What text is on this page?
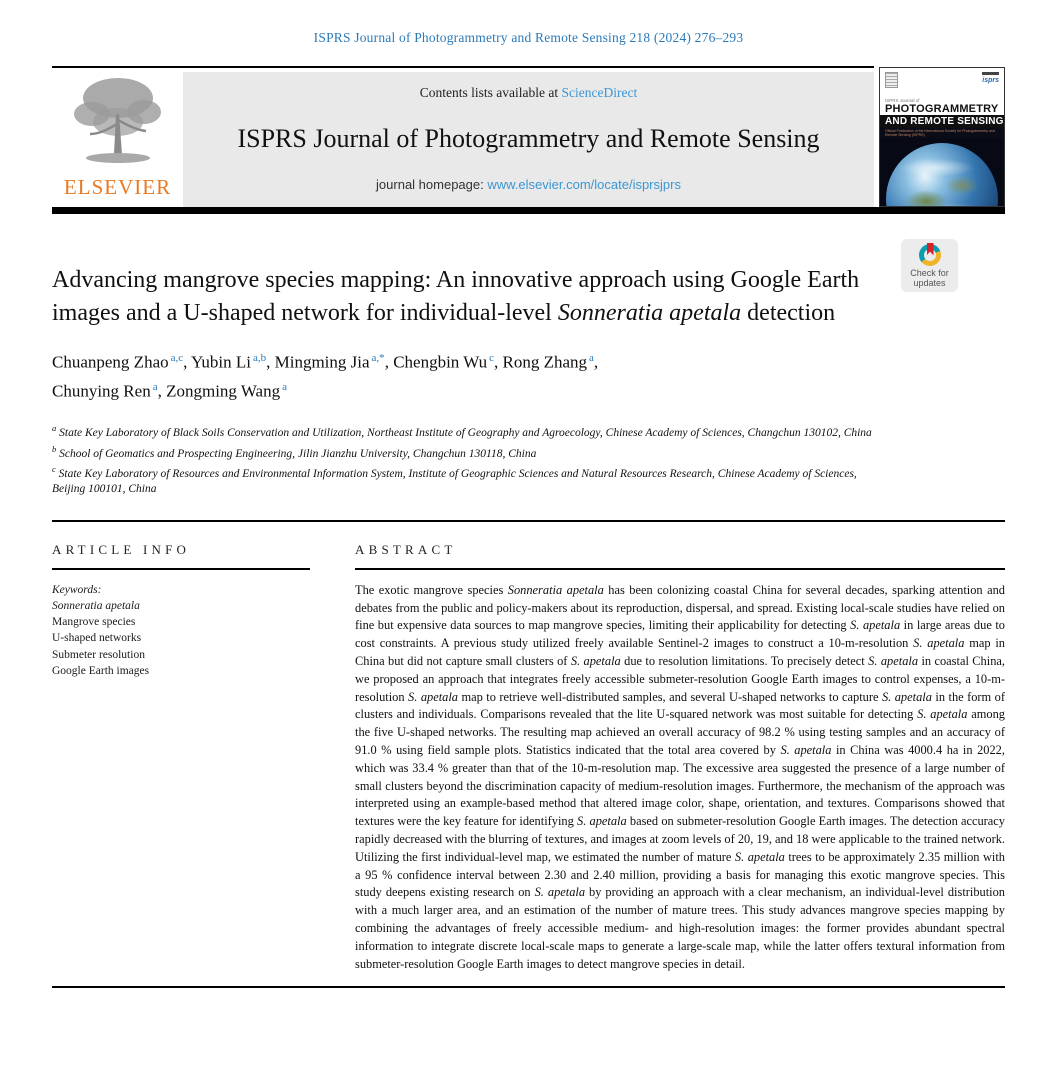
ISPRS Journal of Photogrammetry and Remote Sensing 218 (2024) 276–293
ELSEVIER
Contents lists available at ScienceDirect
ISPRS Journal of Photogrammetry and Remote Sensing
journal homepage: www.elsevier.com/locate/isprsjprs
isprs
ISPRS Journal of
PHOTOGRAMMETRY
AND REMOTE SENSING
Official Publication of the International Society for Photogrammetry and Remote Sensing (ISPRS)
Advancing mangrove species mapping: An innovative approach using Google Earth images and a U-shaped network for individual-level Sonneratia apetala detection
Chuanpeng Zhao $^{a,c}$, Yubin Li $^{a,b}$, Mingming Jia $^{a,*}$, Chengbin Wu $^c$, Rong Zhang $^a$,
Chunying Ren $^a$, Zongming Wang $^a$
$^a$ State Key Laboratory of Black Soils Conservation and Utilization, Northeast Institute of Geography and Agroecology, Chinese Academy of Sciences, Changchun 130102, China
$^b$ School of Geomatics and Prospecting Engineering, Jilin Jianzhu University, Changchun 130118, China
$^c$ State Key Laboratory of Resources and Environmental Information System, Institute of Geographic Sciences and Natural Resources Research, Chinese Academy of Sciences, Beijing 100101, China
ARTICLE INFO
Keywords:
Sonneratia apetala
Mangrove species
U-shaped networks
Submeter resolution
Google Earth images
ABSTRACT
The exotic mangrove species Sonneratia apetala has been colonizing coastal China for several decades, sparking attention and debates from the public and policy-makers about its reproduction, dispersal, and spread. Existing local-scale studies have relied on fine but expensive data sources to map mangrove species, limiting their applicability for detecting S. apetala in large areas due to cost constraints. A previous study utilized freely available Sentinel-2 images to construct a 10-m-resolution S. apetala map in China but did not capture small clusters of S. apetala due to resolution limitations. To precisely detect S. apetala in coastal China, we proposed an approach that integrates freely accessible submeter-resolution Google Earth images to control expenses, a 10-m-resolution S. apetala map to retrieve well-distributed samples, and several U-shaped networks to capture S. apetala in the form of clusters and individuals. Comparisons revealed that the lite U-squared network was most suitable for detecting S. apetala among the five U-shaped networks. The resulting map achieved an overall accuracy of 98.2 % using testing samples and an accuracy of 91.0 % using field sample plots. Statistics indicated that the total area covered by S. apetala in China was 4000.4 ha in 2022, which was 33.4 % greater than that of the 10-m-resolution map. The excessive area suggested the presence of a large number of small clusters beyond the discrimination capacity of medium-resolution images. Furthermore, the mechanism of the approach was interpreted using an example-based method that altered image color, shape, orientation, and textures. Comparisons showed that textures were the key feature for identifying S. apetala based on submeter-resolution Google Earth images. The detection accuracy rapidly decreased with the blurring of textures, and images at zoom levels of 20, 19, and 18 were applicable to the trained network. Utilizing the first individual-level map, we estimated the number of mature S. apetala trees to be approximately 2.35 million with a 95 % confidence interval between 2.30 and 2.40 million, providing a basis for managing this exotic mangrove species. This study deepens existing research on S. apetala by providing an approach with a clear mechanism, an individual-level distribution with a much larger area, and an estimation of the number of mature trees. This study advances mangrove species mapping by combining the advantages of freely accessible medium- and high-resolution images: the former provides abundant spectral information to integrate discrete local-scale maps to generate a large-scale map, while the latter offers textural information from submeter-resolution Google Earth images to detect mangrove species in detail.
Check for
updates
